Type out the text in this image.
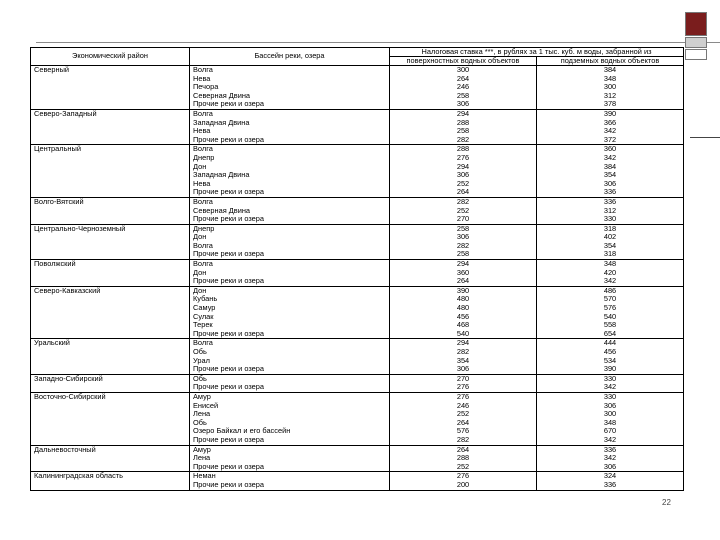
Экономический район	Бассейн реки, озера	Налоговая ставка ***, в рублях за 1 тыс. куб. м воды, забранной из	
		поверхностных водных объектов	подземных водных объектов
Северный	Волга	300	384
	Нева	264	348
	Печора	246	300
	Северная Двина	258	312
	Прочие реки и озера	306	378
Северо-Западный	Волга	294	390
	Западная Двина	288	366
	Нева	258	342
	Прочие реки и озера	282	372
Центральный	Волга	288	360
	Днепр	276	342
	Дон	294	384
	Западная Двина	306	354
	Нева	252	306
	Прочие реки и озера	264	336
Волго-Вятский	Волга	282	336
	Северная Двина	252	312
	Прочие реки и озера	270	330
Центрально-Черноземный	Днепр	258	318
	Дон	306	402
	Волга	282	354
	Прочие реки и озера	258	318
Поволжский	Волга	294	348
	Дон	360	420
	Прочие реки и озера	264	342
Северо-Кавказский	Дон	390	486
	Кубань	480	570
	Самур	480	576
	Сулак	456	540
	Терек	468	558
	Прочие реки и озера	540	654
Уральский	Волга	294	444
	Обь	282	456
	Урал	354	534
	Прочие реки и озера	306	390
Западно-Сибирский	Обь	270	330
	Прочие реки и озера	276	342
Восточно-Сибирский	Амур	276	330
	Енисей	246	306
	Лена	252	300
	Обь	264	348
	Озеро Байкал и его бассейн	576	670
	Прочие реки и озера	282	342
Дальневосточный	Амур	264	336
	Лена	288	342
	Прочие реки и озера	252	306
Калининградская область	Неман	276	324
	Прочие реки и озера	200	336
22
